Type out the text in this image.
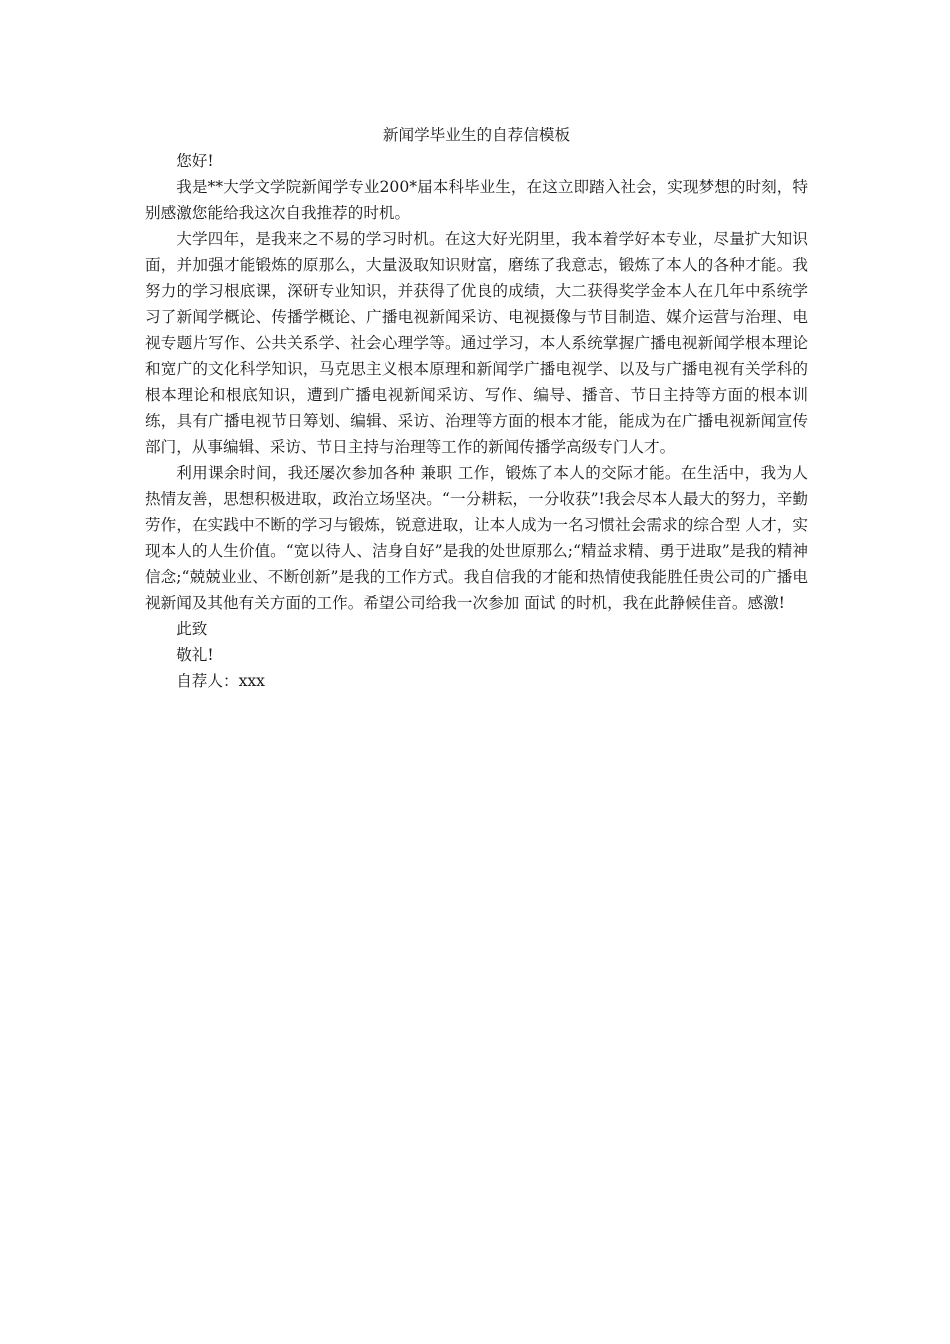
新闻学毕业生的自荐信模板

您好!

我是**大学文学院新闻学专业200*届本科毕业生，在这立即踏入社会，实现梦想的时刻，特别感激您能给我这次自我推荐的时机。

大学四年，是我来之不易的学习时机。在这大好光阴里，我本着学好本专业，尽量扩大知识面，并加强才能锻炼的原那么，大量汲取知识财富，磨练了我意志，锻炼了本人的各种才能。我努力的学习根底课，深研专业知识，并获得了优良的成绩，大二获得奖学金本人在几年中系统学习了新闻学概论、传播学概论、广播电视新闻采访、电视摄像与节目制造、媒介运营与治理、电视专题片写作、公共关系学、社会心理学等。通过学习，本人系统掌握广播电视新闻学根本理论和宽广的文化科学知识，马克思主义根本原理和新闻学广播电视学、以及与广播电视有关学科的根本理论和根底知识，遭到广播电视新闻采访、写作、编导、播音、节日主持等方面的根本训练，具有广播电视节日筹划、编辑、采访、治理等方面的根本才能，能成为在广播电视新闻宣传部门，从事编辑、采访、节日主持与治理等工作的新闻传播学高级专门人才。

利用课余时间，我还屡次参加各种 兼职 工作，锻炼了本人的交际才能。在生活中，我为人热情友善，思想积极进取，政治立场坚决。“一分耕耘，一分收获”!我会尽本人最大的努力，辛勤劳作，在实践中不断的学习与锻炼，锐意进取，让本人成为一名习惯社会需求的综合型 人才，实现本人的人生价值。“宽以待人、洁身自好”是我的处世原那么;“精益求精、勇于进取”是我的精神信念;“兢兢业业、不断创新”是我的工作方式。我自信我的才能和热情使我能胜任贵公司的广播电视新闻及其他有关方面的工作。希望公司给我一次参加 面试 的时机，我在此静候佳音。感激!

此致

敬礼!

自荐人：xxx
